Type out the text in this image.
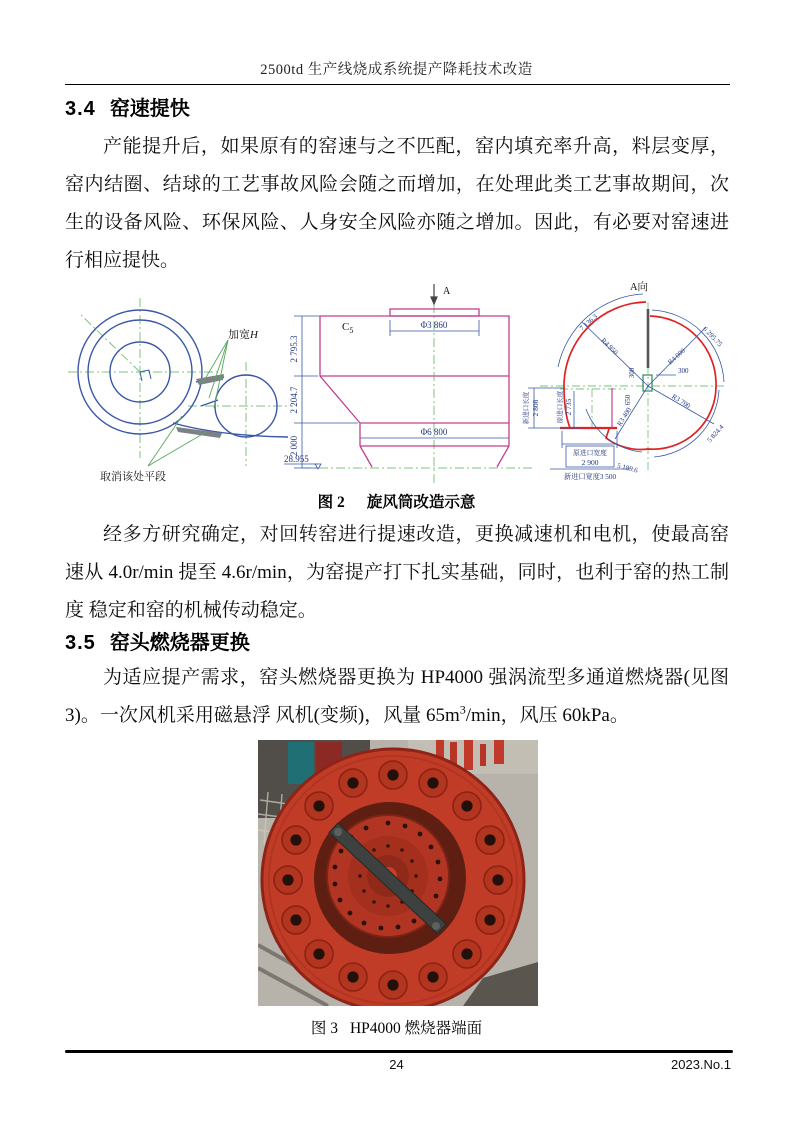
2500td 生产线烧成系统提产降耗技术改造
3.4 窑速提快

产能提升后，如果原有的窑速与之不匹配，窑内填充率升高，料层变厚，窑内结圈、结球的工艺事故风险会随之而增加，在处理此类工艺事故期间，次生的设备风险、环保风险、人身安全风险亦随之增加。因此，有必要对窑速进行相应提快。

加宽H
取消该处平段
A
2 795.3
2 204.7
2 000
Φ3 860
Φ6 800
28.955
$C_5$
A向
7 136.3
6 295.75
5 824.4
5 189.6
R4 950	R4 000
R3 700
R3 400
300
300
650
新进口长度 2 808	原进口长度 2 735
原进口宽度
2 900
新进口宽度3 500
图 2 旋风筒改造示意

经多方研究确定，对回转窑进行提速改造，更换减速机和电机，使最高窑速从 4.0r/min 提至 4.6r/min，为窑提产打下扎实基础，同时，也利于窑的热工制度 稳定和窑的机械传动稳定。

3.5 窑头燃烧器更换

为适应提产需求，窑头燃烧器更换为 HP4000 强涡流型多通道燃烧器(见图 3)。一次风机采用磁悬浮 风机(变频)，风量 $65m^3/\min$，风压 60kPa。

图 3 HP4000 燃烧器端面
24	2023.No.1
